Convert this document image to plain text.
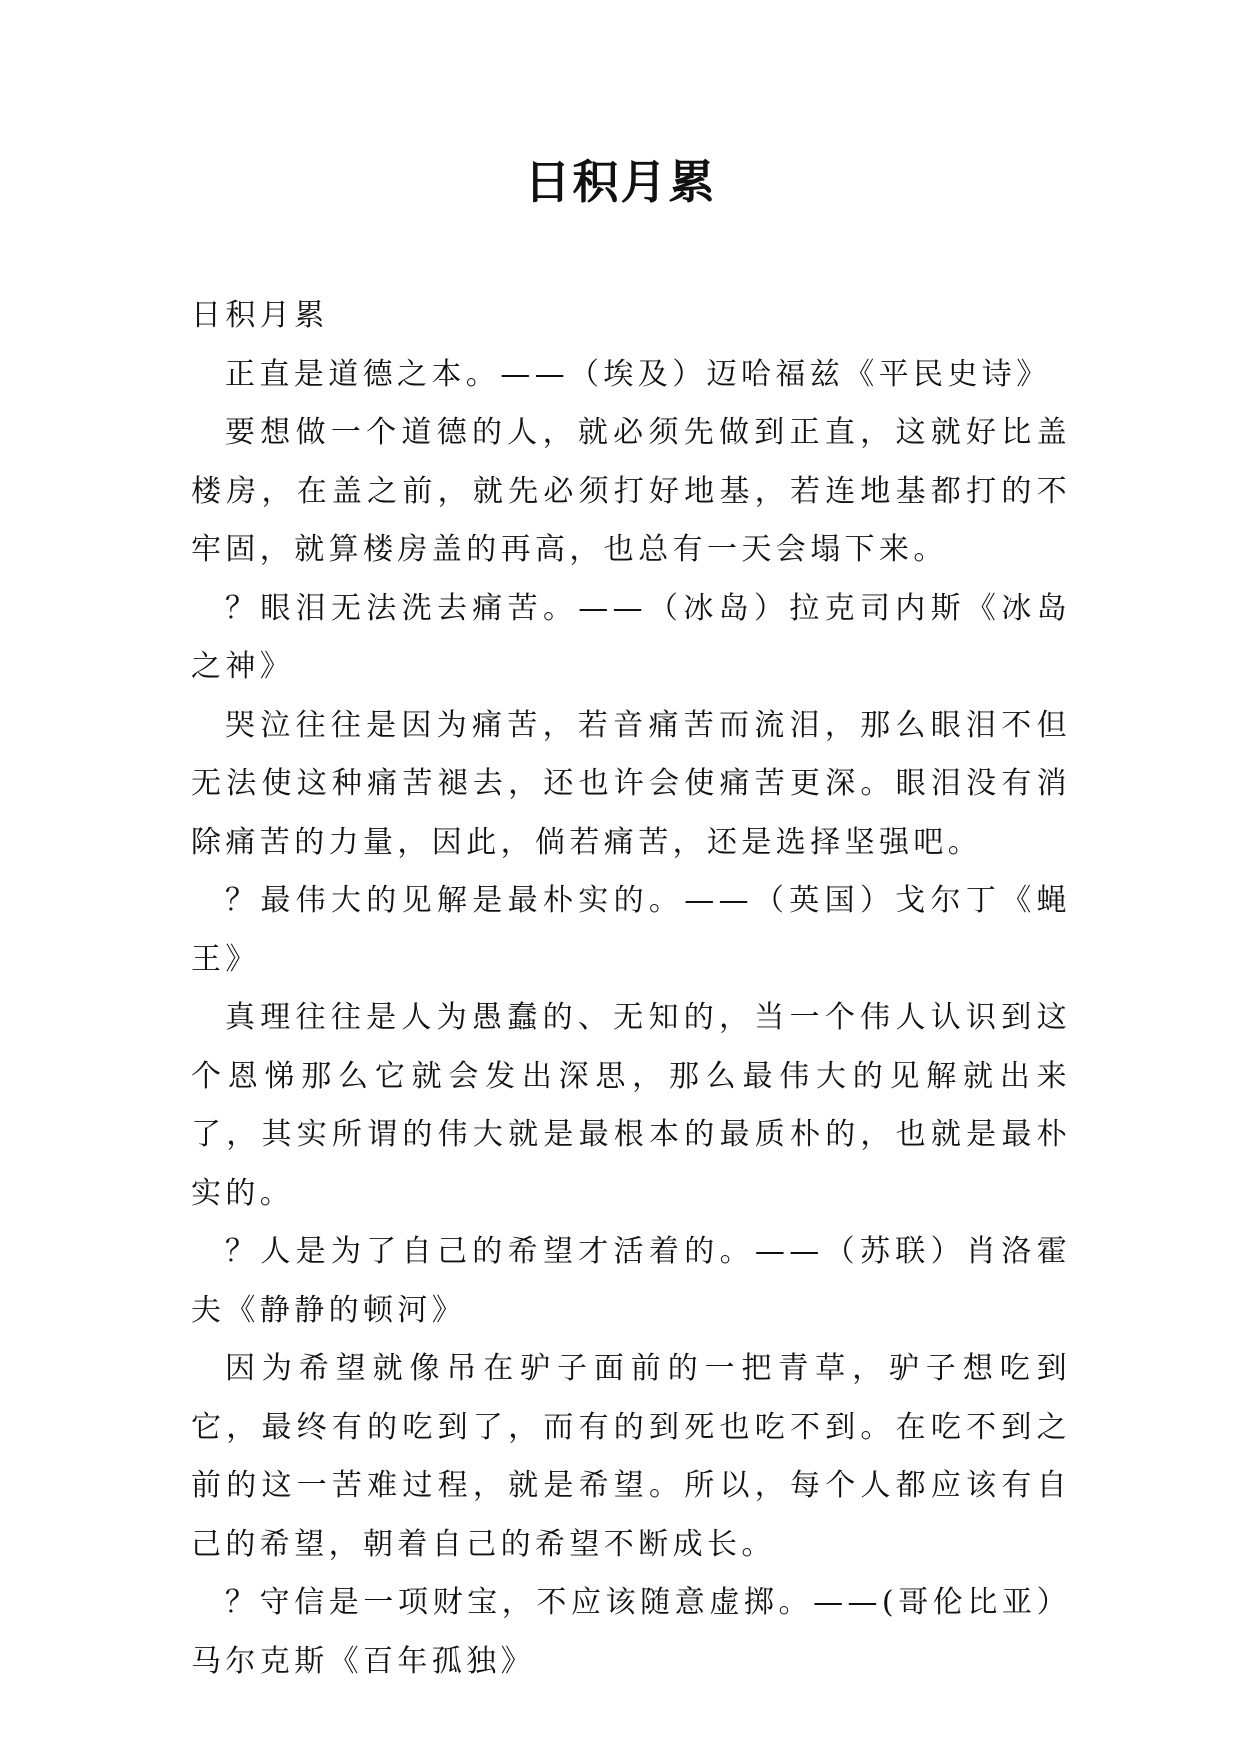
日积月累

日积月累

正直是道德之本。——（埃及）迈哈福兹《平民史诗》

要想做一个道德的人，就必须先做到正直，这就好比盖楼房，在盖之前，就先必须打好地基，若连地基都打的不牢固，就算楼房盖的再高，也总有一天会塌下来。

？眼泪无法洗去痛苦。——（冰岛）拉克司内斯《冰岛之神》

哭泣往往是因为痛苦，若音痛苦而流泪，那么眼泪不但无法使这种痛苦褪去，还也许会使痛苦更深。眼泪没有消除痛苦的力量，因此，倘若痛苦，还是选择坚强吧。

？最伟大的见解是最朴实的。——（英国）戈尔丁《蝇王》

真理往往是人为愚蠢的、无知的，当一个伟人认识到这个恩悌那么它就会发出深思，那么最伟大的见解就出来了，其实所谓的伟大就是最根本的最质朴的，也就是最朴实的。

？人是为了自己的希望才活着的。——（苏联）肖洛霍夫《静静的顿河》

因为希望就像吊在驴子面前的一把青草，驴子想吃到它，最终有的吃到了，而有的到死也吃不到。在吃不到之前的这一苦难过程，就是希望。所以，每个人都应该有自己的希望，朝着自己的希望不断成长。

？守信是一项财宝，不应该随意虚掷。——(哥伦比亚）马尔克斯《百年孤独》
